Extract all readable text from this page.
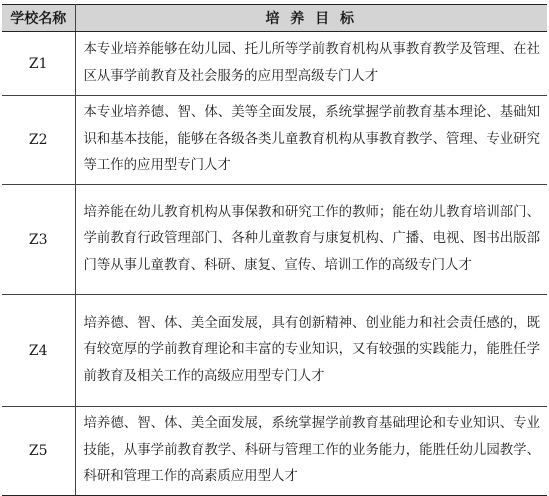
学校名称	培 养 目 标
Z1	本专业培养能够在幼儿园、托儿所等学前教育机构从事教育教学及管理、在社区从事学前教育及社会服务的应用型高级专门人才
Z2	本专业培养德、智、体、美等全面发展，系统掌握学前教育基本理论、基础知识和基本技能，能够在各级各类儿童教育机构从事教育教学、管理、专业研究等工作的应用型专门人才
Z3	培养能在幼儿教育机构从事保教和研究工作的教师；能在幼儿教育培训部门、学前教育行政管理部门、各种儿童教育与康复机构、广播、电视、图书出版部门等从事儿童教育、科研、康复、宣传、培训工作的高级专门人才
Z4	培养德、智、体、美全面发展，具有创新精神、创业能力和社会责任感的，既有较宽厚的学前教育理论和丰富的专业知识，又有较强的实践能力，能胜任学前教育及相关工作的高级应用型专门人才
Z5	培养德、智、体、美全面发展，系统掌握学前教育基础理论和专业知识、专业技能，从事学前教育教学、科研与管理工作的业务能力，能胜任幼儿园教学、科研和管理工作的高素质应用型人才
